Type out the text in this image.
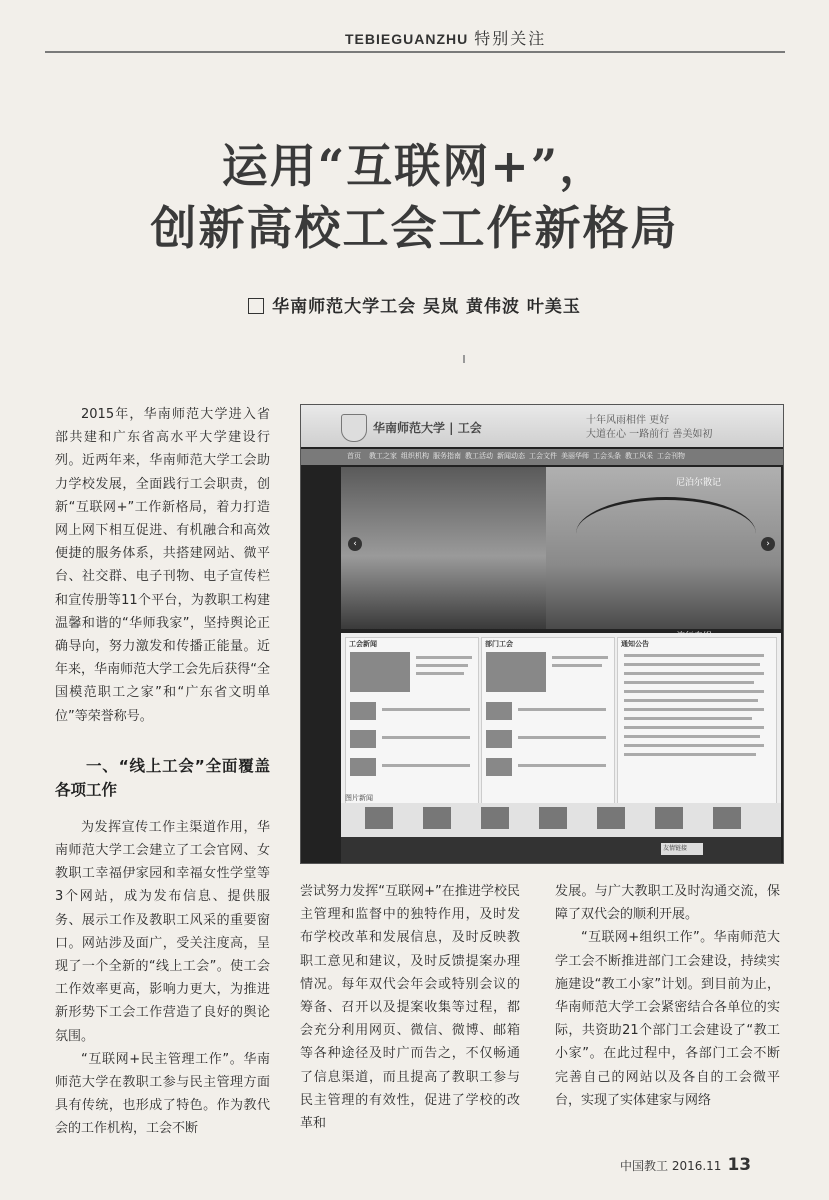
TEBIEGUANZHU 特别关注
运用“互联网+”，
创新高校工会工作新格局
华南师范大学工会 吴岚 黄伟波 叶美玉

2015年，华南师范大学进入省部共建和广东省高水平大学建设行列。近两年来，华南师范大学工会助力学校发展，全面践行工会职责，创新“互联网+”工作新格局，着力打造网上网下相互促进、有机融合和高效便捷的服务体系，共搭建网站、微平台、社交群、电子刊物、电子宣传栏和宣传册等11个平台，为教职工构建温馨和谐的“华师我家”，坚持舆论正确导向，努力激发和传播正能量。近年来，华南师范大学工会先后获得“全国模范职工之家”和“广东省文明单位”等荣誉称号。

一、“线上工会”全面覆盖各项工作

为发挥宣传工作主渠道作用，华南师范大学工会建立了工会官网、女教职工幸福伊家园和幸福女性学堂等3个网站，成为发布信息、提供服务、展示工作及教职工风采的重要窗口。网站涉及面广，受关注度高，呈现了一个全新的“线上工会”。使工会工作效率更高，影响力更大，为推进新形势下工会工作营造了良好的舆论氛围。

“互联网+民主管理工作”。华南师范大学在教职工参与民主管理方面具有传统，也形成了特色。作为教代会的工作机构，工会不断

华南师范大学 | 工会
十年风雨相伴 更好
大道在心 一路前行 善美如初
首页 教工之家 组织机构 服务指南 教工活动 新闻动态 工会文件 美丽华师 工会头条 教工风采 工会刊物
尼泊尔散记
‹	›
工会新闻	部门工会	通知公告
图片新闻
友情链接

尝试努力发挥“互联网+”在推进学校民主管理和监督中的独特作用，及时发布学校改革和发展信息，及时反映教职工意见和建议，及时反馈提案办理情况。每年双代会年会或特别会议的筹备、召开以及提案收集等过程，都会充分利用网页、微信、微博、邮箱等各种途径及时广而告之，不仅畅通了信息渠道，而且提高了教职工参与民主管理的有效性，促进了学校的改革和

发展。与广大教职工及时沟通交流，保障了双代会的顺利开展。

“互联网+组织工作”。华南师范大学工会不断推进部门工会建设，持续实施建设“教工小家”计划。到目前为止，华南师范大学工会紧密结合各单位的实际，共资助21个部门工会建设了“教工小家”。在此过程中，各部门工会不断完善自己的网站以及各自的工会微平台，实现了实体建家与网络

中国教工 2016.11 13
